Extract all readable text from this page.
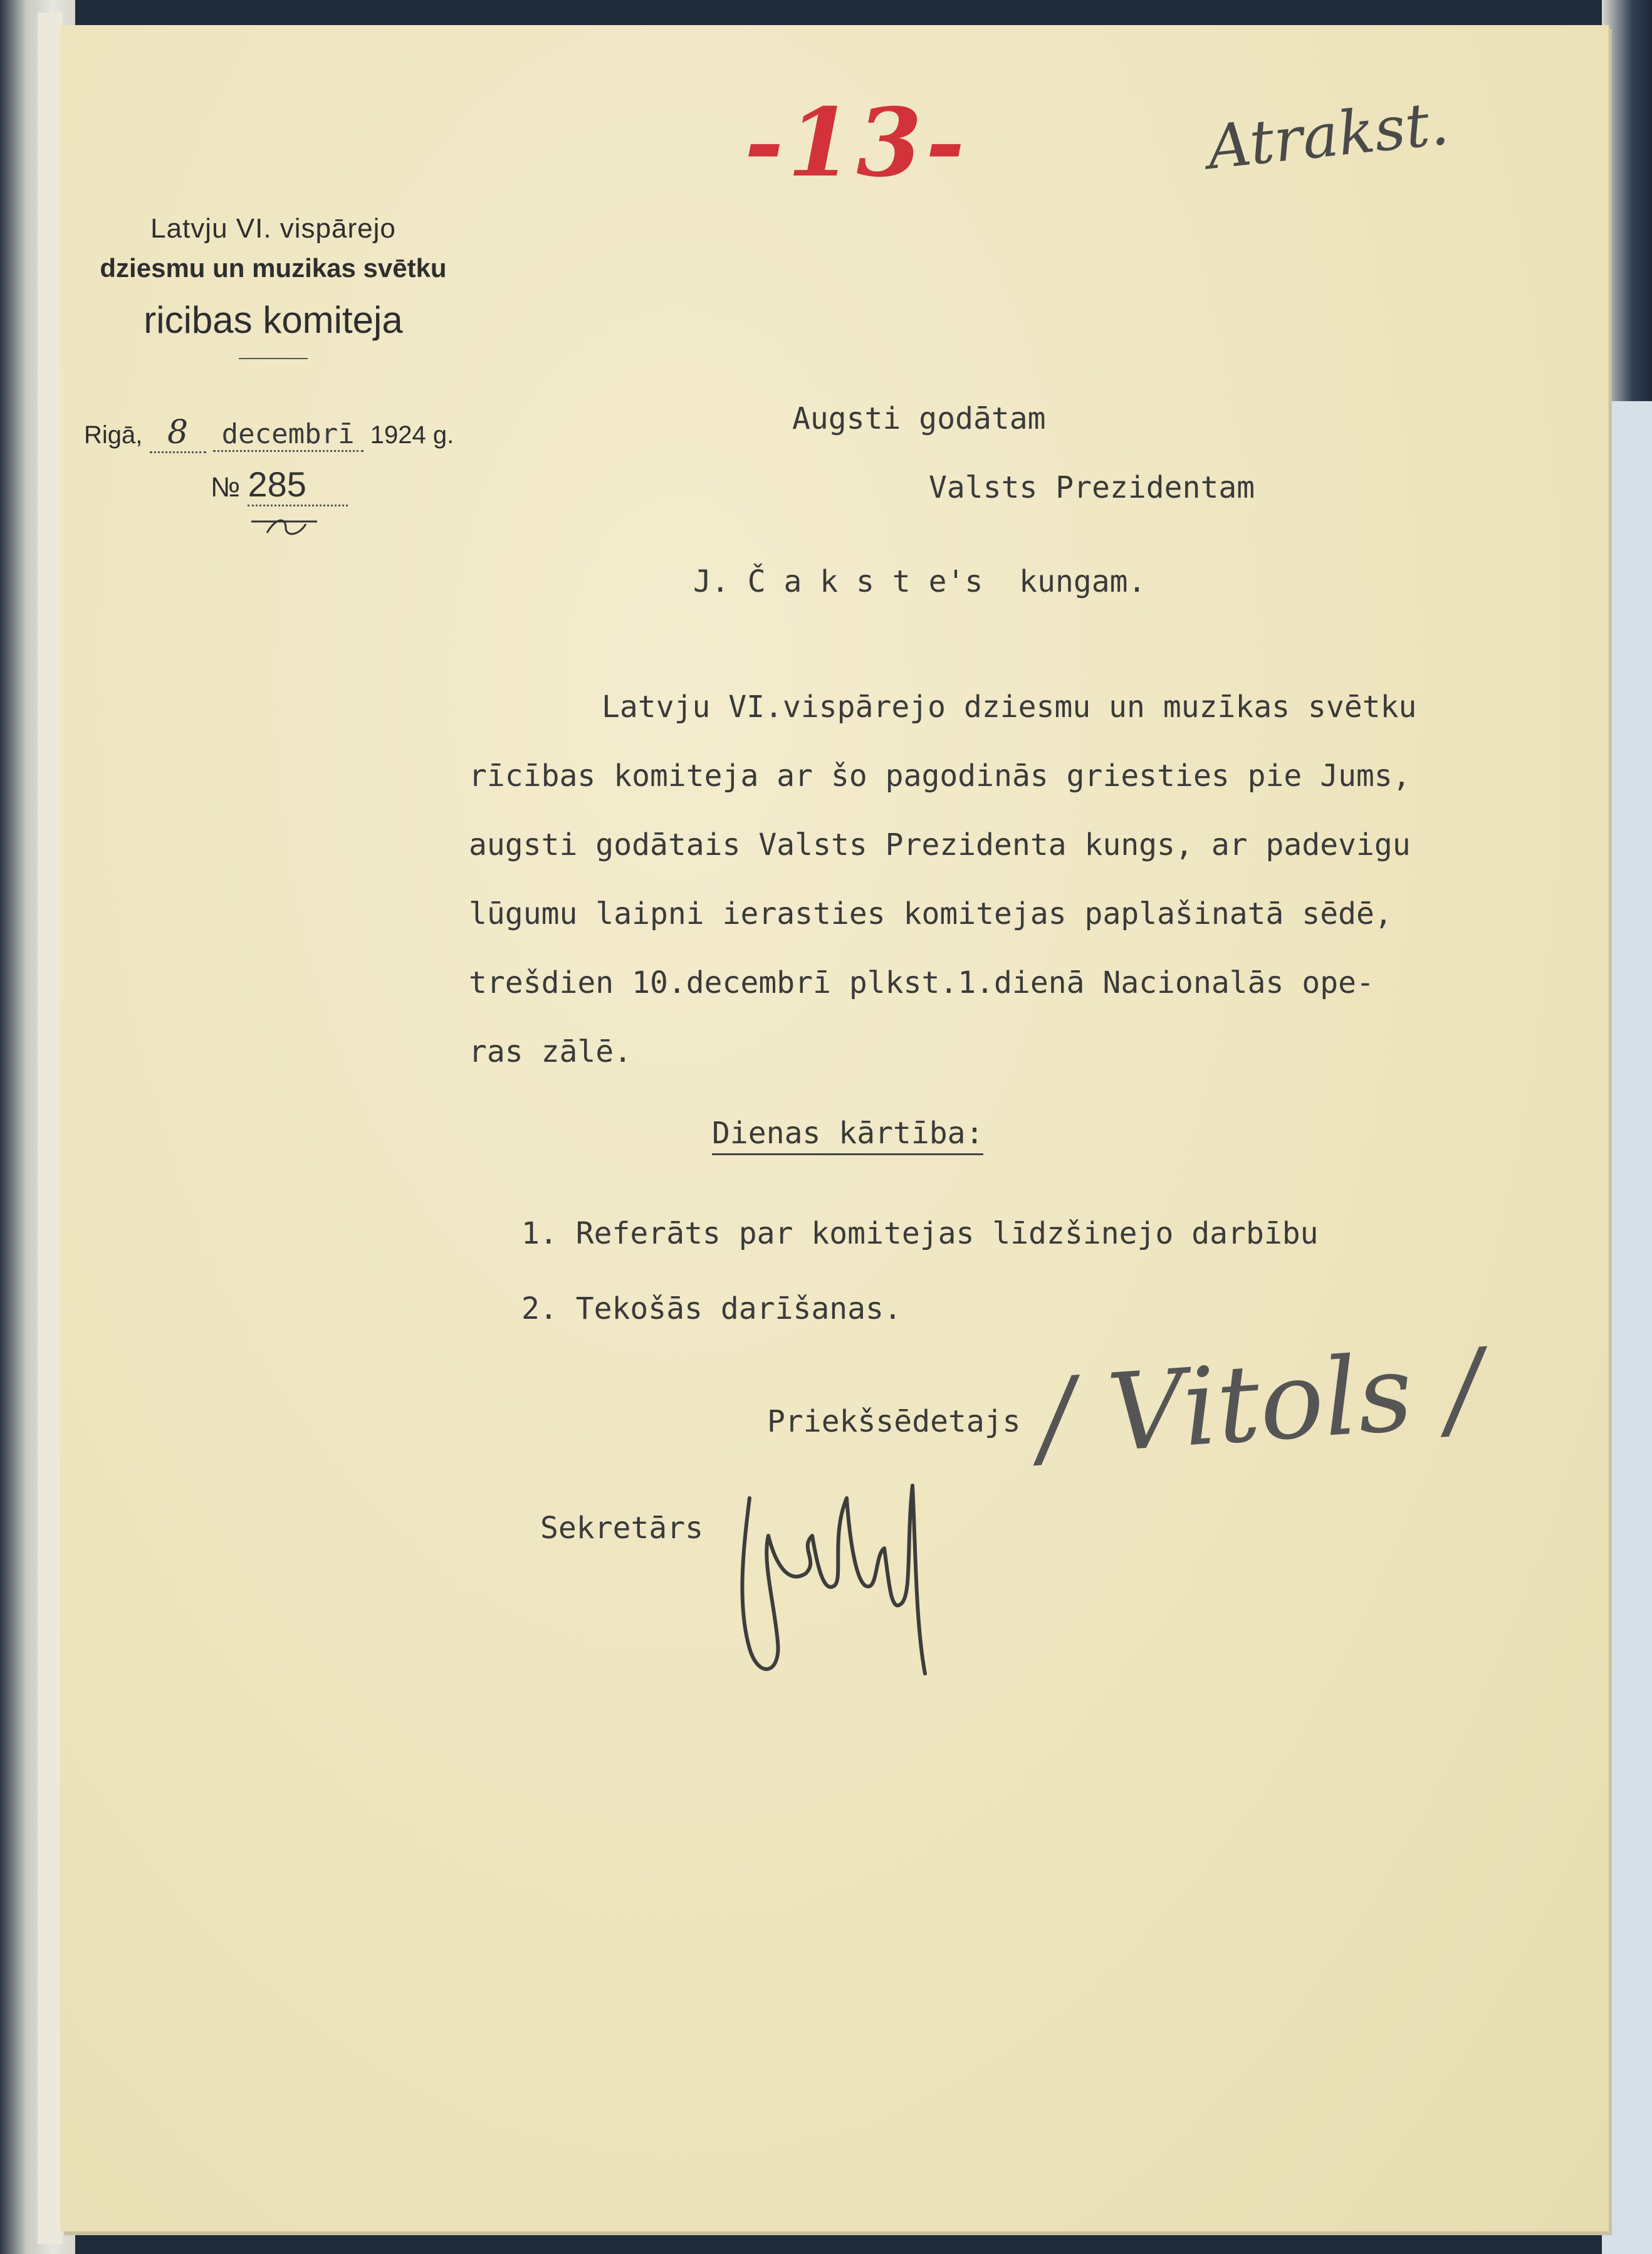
-13-	Atrakst.
Latvju VI. vispārejo
dziesmu un muzikas svētku
ricibas komiteja
Rigā, 8 decembrī 1924 g.
№ 285
Augsti godātam
Valsts Prezidentam
J. Č a k s t e's  kungam.
Latvju VI.vispārejo dziesmu un muzīkas svētku
rīcības komiteja ar šo pagodinās griesties pie Jums,
augsti godātais Valsts Prezidenta kungs, ar padevigu
lūgumu laipni ierasties komitejas paplašinatā sēdē,
trešdien 10.decembrī plkst.1.dienā Nacionalās ope-
ras zālē.
Dienas kārtība:
1. Referāts par komitejas līdzšinejo darbību
2. Tekošās darīšanas.
Priekšsēdetajs / Vitols /
Sekretārs
